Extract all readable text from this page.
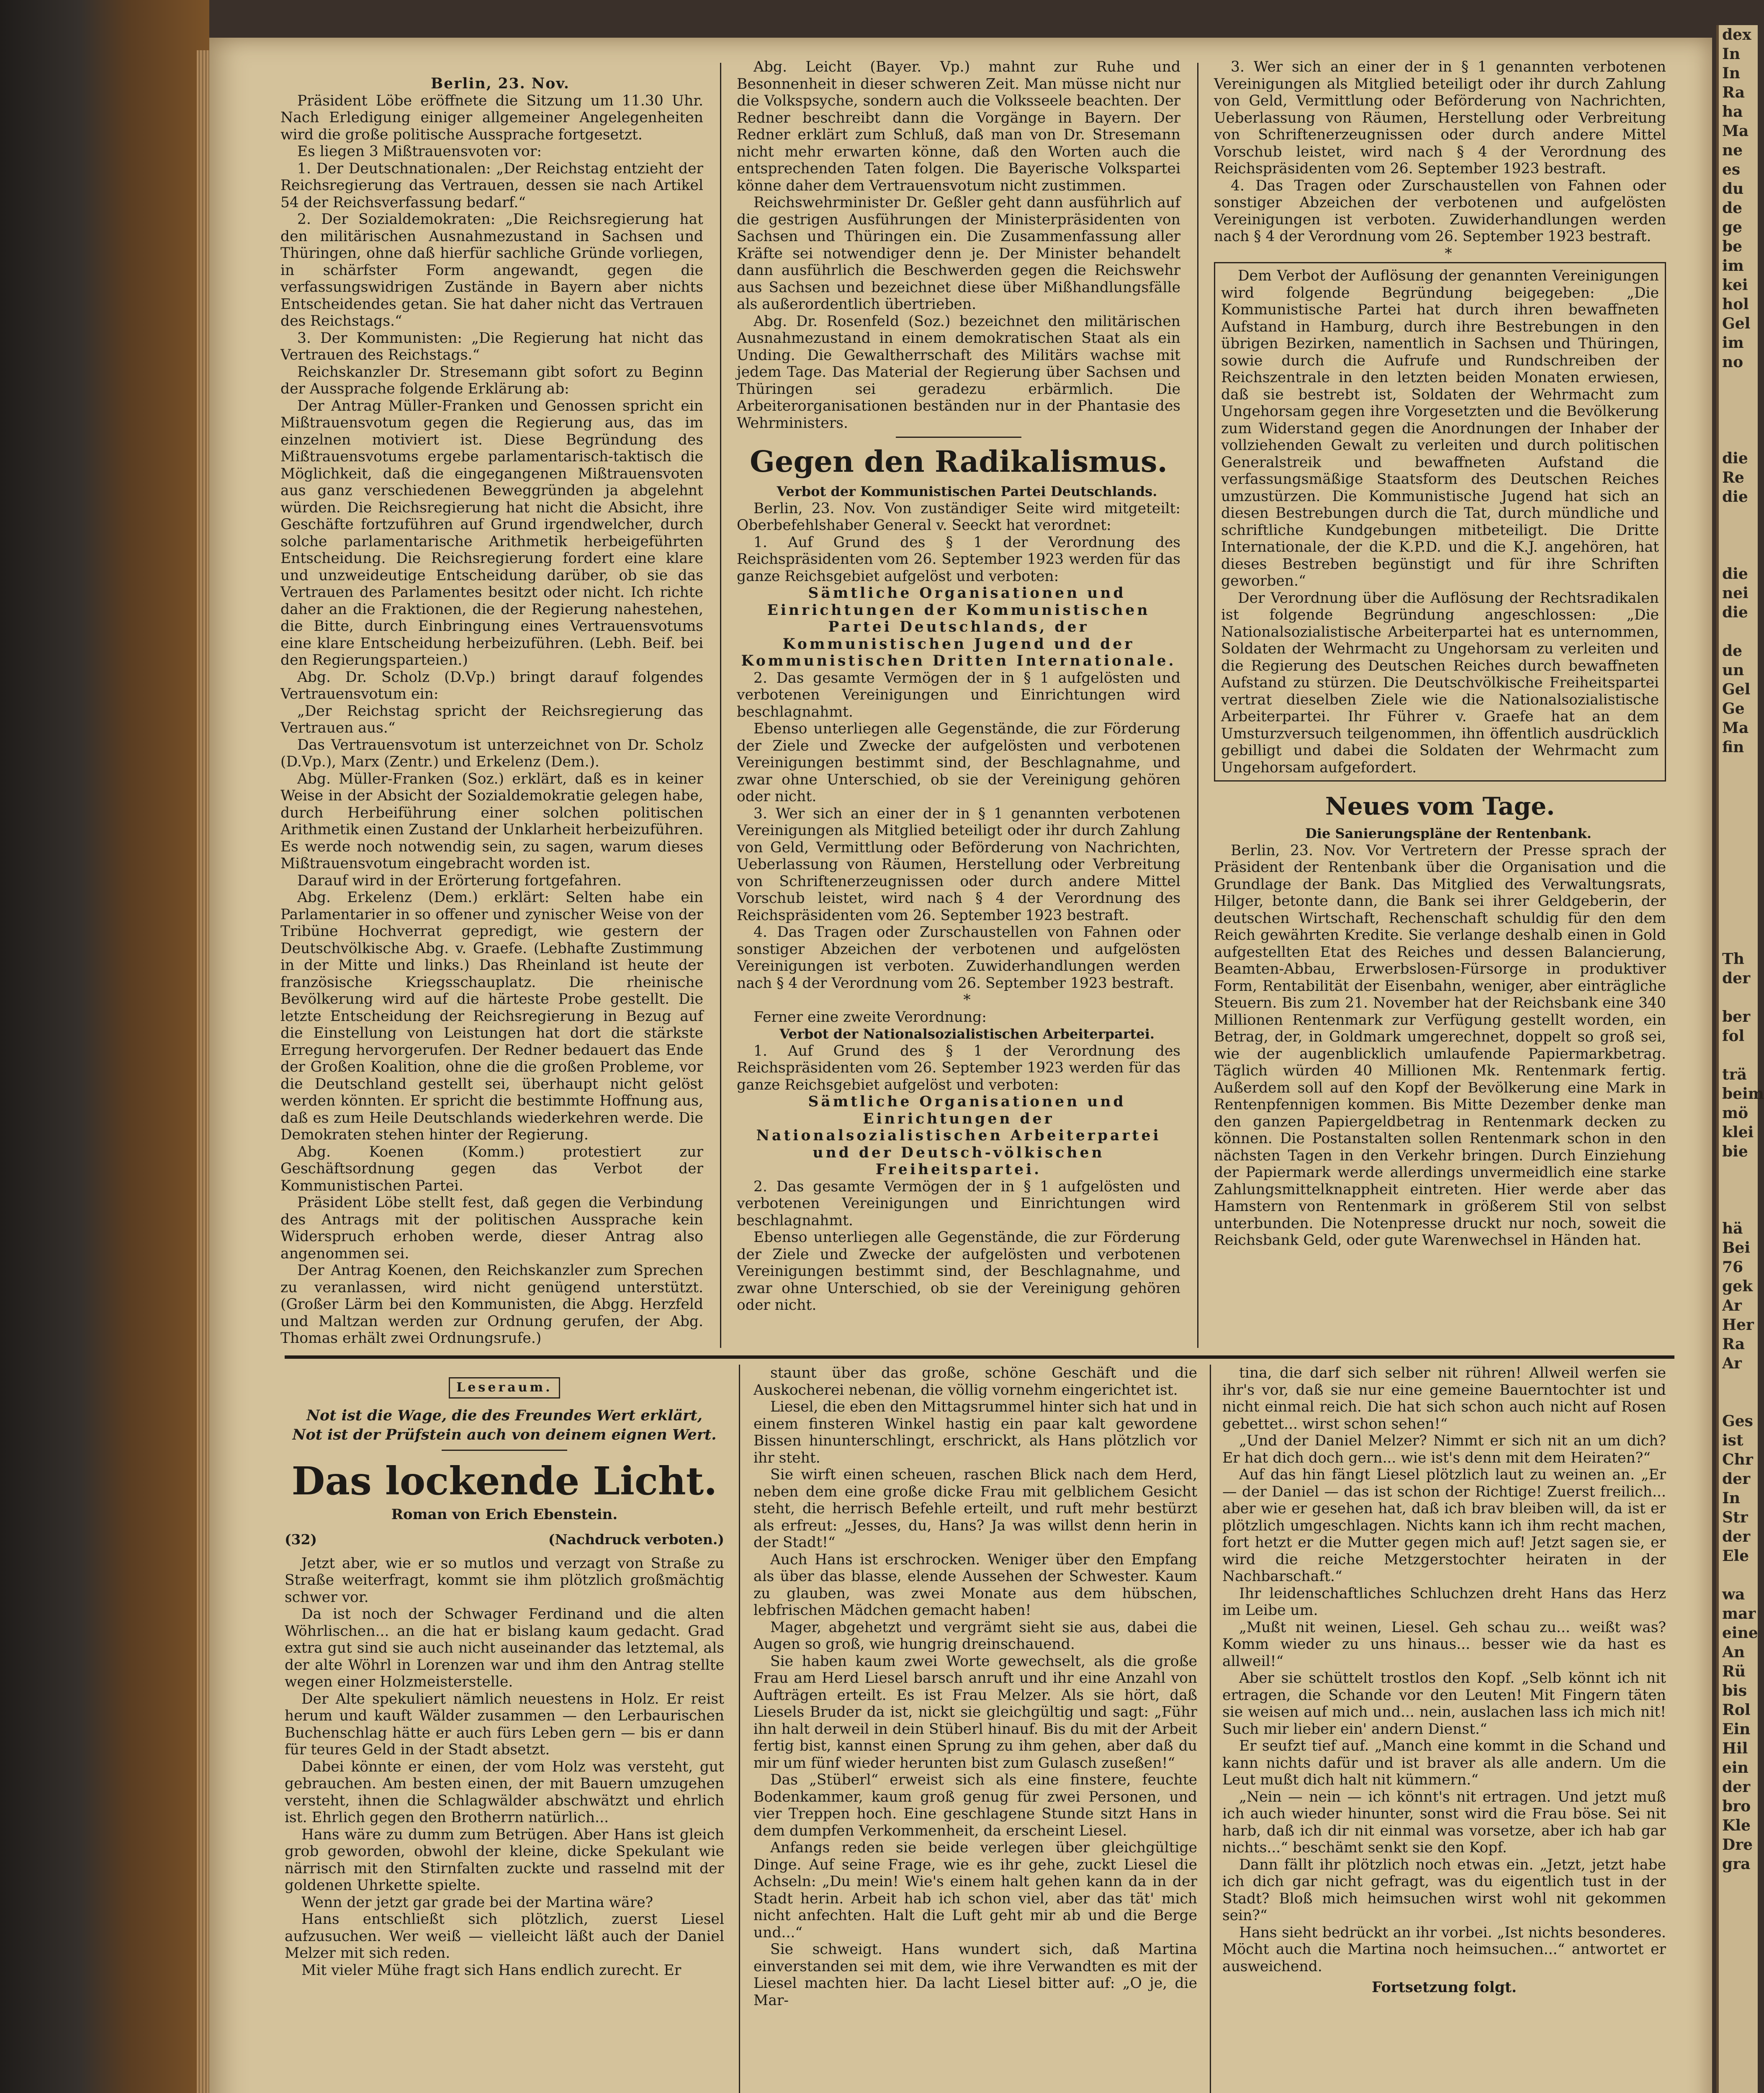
Berlin, 23. Nov.

Präsident Löbe eröffnete die Sitzung um 11.30 Uhr. Nach Erledigung einiger allgemeiner Angelegenheiten wird die große politische Aussprache fortgesetzt.

Es liegen 3 Mißtrauensvoten vor:

1. Der Deutschnationalen: „Der Reichstag entzieht der Reichsregierung das Vertrauen, dessen sie nach Artikel 54 der Reichsverfassung bedarf.“

2. Der Sozialdemokraten: „Die Reichsregierung hat den militärischen Ausnahmezustand in Sachsen und Thüringen, ohne daß hierfür sachliche Gründe vorliegen, in schärfster Form angewandt, gegen die verfassungswidrigen Zustände in Bayern aber nichts Entscheidendes getan. Sie hat daher nicht das Vertrauen des Reichstags.“

3. Der Kommunisten: „Die Regierung hat nicht das Vertrauen des Reichstags.“

Reichskanzler Dr. Stresemann gibt sofort zu Beginn der Aussprache folgende Erklärung ab:

Der Antrag Müller-Franken und Genossen spricht ein Mißtrauensvotum gegen die Regierung aus, das im einzelnen motiviert ist. Diese Begründung des Mißtrauensvotums ergebe parlamentarisch-taktisch die Möglichkeit, daß die eingegangenen Mißtrauensvoten aus ganz verschiedenen Beweggründen ja abgelehnt würden. Die Reichsregierung hat nicht die Absicht, ihre Geschäfte fortzuführen auf Grund irgendwelcher, durch solche parlamentarische Arithmetik herbeigeführten Entscheidung. Die Reichsregierung fordert eine klare und unzweideutige Entscheidung darüber, ob sie das Vertrauen des Parlamentes besitzt oder nicht. Ich richte daher an die Fraktionen, die der Regierung nahestehen, die Bitte, durch Einbringung eines Vertrauensvotums eine klare Entscheidung herbeizuführen. (Lebh. Beif. bei den Regierungsparteien.)

Abg. Dr. Scholz (D.Vp.) bringt darauf folgendes Vertrauensvotum ein:

„Der Reichstag spricht der Reichsregierung das Vertrauen aus.“

Das Vertrauensvotum ist unterzeichnet von Dr. Scholz (D.Vp.), Marx (Zentr.) und Erkelenz (Dem.).

Abg. Müller-Franken (Soz.) erklärt, daß es in keiner Weise in der Absicht der Sozialdemokratie gelegen habe, durch Herbeiführung einer solchen politischen Arithmetik einen Zustand der Unklarheit herbeizuführen. Es werde noch notwendig sein, zu sagen, warum dieses Mißtrauensvotum eingebracht worden ist.

Darauf wird in der Erörterung fortgefahren.

Abg. Erkelenz (Dem.) erklärt: Selten habe ein Parlamentarier in so offener und zynischer Weise von der Tribüne Hochverrat gepredigt, wie gestern der Deutschvölkische Abg. v. Graefe. (Lebhafte Zustimmung in der Mitte und links.) Das Rheinland ist heute der französische Kriegsschauplatz. Die rheinische Bevölkerung wird auf die härteste Probe gestellt. Die letzte Entscheidung der Reichsregierung in Bezug auf die Einstellung von Leistungen hat dort die stärkste Erregung hervorgerufen. Der Redner bedauert das Ende der Großen Koalition, ohne die die großen Probleme, vor die Deutschland gestellt sei, überhaupt nicht gelöst werden könnten. Er spricht die bestimmte Hoffnung aus, daß es zum Heile Deutschlands wiederkehren werde. Die Demokraten stehen hinter der Regierung.

Abg. Koenen (Komm.) protestiert zur Geschäftsordnung gegen das Verbot der Kommunistischen Partei.

Präsident Löbe stellt fest, daß gegen die Verbindung des Antrags mit der politischen Aussprache kein Widerspruch erhoben werde, dieser Antrag also angenommen sei.

Der Antrag Koenen, den Reichskanzler zum Sprechen zu veranlassen, wird nicht genügend unterstützt. (Großer Lärm bei den Kommunisten, die Abgg. Herzfeld und Maltzan werden zur Ordnung gerufen, der Abg. Thomas erhält zwei Ordnungsrufe.)

Abg. Leicht (Bayer. Vp.) mahnt zur Ruhe und Besonnenheit in dieser schweren Zeit. Man müsse nicht nur die Volkspsyche, sondern auch die Volksseele beachten. Der Redner beschreibt dann die Vorgänge in Bayern. Der Redner erklärt zum Schluß, daß man von Dr. Stresemann nicht mehr erwarten könne, daß den Worten auch die entsprechenden Taten folgen. Die Bayerische Volkspartei könne daher dem Vertrauensvotum nicht zustimmen.

Reichswehrminister Dr. Geßler geht dann ausführlich auf die gestrigen Ausführungen der Ministerpräsidenten von Sachsen und Thüringen ein. Die Zusammenfassung aller Kräfte sei notwendiger denn je. Der Minister behandelt dann ausführlich die Beschwerden gegen die Reichswehr aus Sachsen und bezeichnet diese über Mißhandlungsfälle als außerordentlich übertrieben.

Abg. Dr. Rosenfeld (Soz.) bezeichnet den militärischen Ausnahmezustand in einem demokratischen Staat als ein Unding. Die Gewaltherrschaft des Militärs wachse mit jedem Tage. Das Material der Regierung über Sachsen und Thüringen sei geradezu erbärmlich. Die Arbeiterorganisationen beständen nur in der Phantasie des Wehrministers.

Gegen den Radikalismus.

Verbot der Kommunistischen Partei Deutschlands.

Berlin, 23. Nov. Von zuständiger Seite wird mitgeteilt: Oberbefehlshaber General v. Seeckt hat verordnet:

1. Auf Grund des § 1 der Verordnung des Reichspräsidenten vom 26. September 1923 werden für das ganze Reichsgebiet aufgelöst und verboten:

Sämtliche Organisationen und Einrichtungen der Kommunistischen Partei Deutschlands, der Kommunistischen Jugend und der Kommunistischen Dritten Internationale.

2. Das gesamte Vermögen der in § 1 aufgelösten und verbotenen Vereinigungen und Einrichtungen wird beschlagnahmt.

Ebenso unterliegen alle Gegenstände, die zur Förderung der Ziele und Zwecke der aufgelösten und verbotenen Vereinigungen bestimmt sind, der Beschlagnahme, und zwar ohne Unterschied, ob sie der Vereinigung gehören oder nicht.

3. Wer sich an einer der in § 1 genannten verbotenen Vereinigungen als Mitglied beteiligt oder ihr durch Zahlung von Geld, Vermittlung oder Beförderung von Nachrichten, Ueberlassung von Räumen, Herstellung oder Verbreitung von Schriftenerzeugnissen oder durch andere Mittel Vorschub leistet, wird nach § 4 der Verordnung des Reichspräsidenten vom 26. September 1923 bestraft.

4. Das Tragen oder Zurschaustellen von Fahnen oder sonstiger Abzeichen der verbotenen und aufgelösten Vereinigungen ist verboten. Zuwiderhandlungen werden nach § 4 der Verordnung vom 26. September 1923 bestraft.

*

Ferner eine zweite Verordnung:

Verbot der Nationalsozialistischen Arbeiterpartei.

1. Auf Grund des § 1 der Verordnung des Reichspräsidenten vom 26. September 1923 werden für das ganze Reichsgebiet aufgelöst und verboten:

Sämtliche Organisationen und Einrichtungen der Nationalsozialistischen Arbeiterpartei und der Deutsch-völkischen Freiheitspartei.

2. Das gesamte Vermögen der in § 1 aufgelösten und verbotenen Vereinigungen und Einrichtungen wird beschlagnahmt.

Ebenso unterliegen alle Gegenstände, die zur Förderung der Ziele und Zwecke der aufgelösten und verbotenen Vereinigungen bestimmt sind, der Beschlagnahme, und zwar ohne Unterschied, ob sie der Vereinigung gehören oder nicht.

3. Wer sich an einer der in § 1 genannten verbotenen Vereinigungen als Mitglied beteiligt oder ihr durch Zahlung von Geld, Vermittlung oder Beförderung von Nachrichten, Ueberlassung von Räumen, Herstellung oder Verbreitung von Schriftenerzeugnissen oder durch andere Mittel Vorschub leistet, wird nach § 4 der Verordnung des Reichspräsidenten vom 26. September 1923 bestraft.

4. Das Tragen oder Zurschaustellen von Fahnen oder sonstiger Abzeichen der verbotenen und aufgelösten Vereinigungen ist verboten. Zuwiderhandlungen werden nach § 4 der Verordnung vom 26. September 1923 bestraft.

*

Dem Verbot der Auflösung der genannten Vereinigungen wird folgende Begründung beigegeben: „Die Kommunistische Partei hat durch ihren bewaffneten Aufstand in Hamburg, durch ihre Bestrebungen in den übrigen Bezirken, namentlich in Sachsen und Thüringen, sowie durch die Aufrufe und Rundschreiben der Reichszentrale in den letzten beiden Monaten erwiesen, daß sie bestrebt ist, Soldaten der Wehrmacht zum Ungehorsam gegen ihre Vorgesetzten und die Bevölkerung zum Widerstand gegen die Anordnungen der Inhaber der vollziehenden Gewalt zu verleiten und durch politischen Generalstreik und bewaffneten Aufstand die verfassungsmäßige Staatsform des Deutschen Reiches umzustürzen. Die Kommunistische Jugend hat sich an diesen Bestrebungen durch die Tat, durch mündliche und schriftliche Kundgebungen mitbeteiligt. Die Dritte Internationale, der die K.P.D. und die K.J. angehören, hat dieses Bestreben begünstigt und für ihre Schriften geworben.“

Der Verordnung über die Auflösung der Rechtsradikalen ist folgende Begründung angeschlossen: „Die Nationalsozialistische Arbeiterpartei hat es unternommen, Soldaten der Wehrmacht zu Ungehorsam zu verleiten und die Regierung des Deutschen Reiches durch bewaffneten Aufstand zu stürzen. Die Deutschvölkische Freiheitspartei vertrat dieselben Ziele wie die Nationalsozialistische Arbeiterpartei. Ihr Führer v. Graefe hat an dem Umsturzversuch teilgenommen, ihn öffentlich ausdrücklich gebilligt und dabei die Soldaten der Wehrmacht zum Ungehorsam aufgefordert.

Neues vom Tage.

Die Sanierungspläne der Rentenbank.

Berlin, 23. Nov. Vor Vertretern der Presse sprach der Präsident der Rentenbank über die Organisation und die Grundlage der Bank. Das Mitglied des Verwaltungsrats, Hilger, betonte dann, die Bank sei ihrer Geldgeberin, der deutschen Wirtschaft, Rechenschaft schuldig für den dem Reich gewährten Kredite. Sie verlange deshalb einen in Gold aufgestellten Etat des Reiches und dessen Balancierung, Beamten-Abbau, Erwerbslosen-Fürsorge in produktiver Form, Rentabilität der Eisenbahn, weniger, aber einträgliche Steuern. Bis zum 21. November hat der Reichsbank eine 340 Millionen Rentenmark zur Verfügung gestellt worden, ein Betrag, der, in Goldmark umgerechnet, doppelt so groß sei, wie der augenblicklich umlaufende Papiermarkbetrag. Täglich würden 40 Millionen Mk. Rentenmark fertig. Außerdem soll auf den Kopf der Bevölkerung eine Mark in Rentenpfennigen kommen. Bis Mitte Dezember denke man den ganzen Papiergeldbetrag in Rentenmark decken zu können. Die Postanstalten sollen Rentenmark schon in den nächsten Tagen in den Verkehr bringen. Durch Einziehung der Papiermark werde allerdings unvermeidlich eine starke Zahlungsmittelknappheit eintreten. Hier werde aber das Hamstern von Rentenmark in größerem Stil von selbst unterbunden. Die Notenpresse druckt nur noch, soweit die Reichsbank Geld, oder gute Warenwechsel in Händen hat.

Leseraum.
Not ist die Wage, die des Freundes Wert erklärt,
Not ist der Prüfstein auch von deinem eignen Wert.
Das lockende Licht.
Roman von Erich Ebenstein.
(32)	(Nachdruck verboten.)

Jetzt aber, wie er so mutlos und verzagt von Straße zu Straße weiterfragt, kommt sie ihm plötzlich großmächtig schwer vor.

Da ist noch der Schwager Ferdinand und die alten Wöhrlischen... an die hat er bislang kaum gedacht. Grad extra gut sind sie auch nicht auseinander das letztemal, als der alte Wöhrl in Lorenzen war und ihm den Antrag stellte wegen einer Holzmeisterstelle.

Der Alte spekuliert nämlich neuestens in Holz. Er reist herum und kauft Wälder zusammen — den Lerbaurischen Buchenschlag hätte er auch fürs Leben gern — bis er dann für teures Geld in der Stadt absetzt.

Dabei könnte er einen, der vom Holz was versteht, gut gebrauchen. Am besten einen, der mit Bauern umzugehen versteht, ihnen die Schlagwälder abschwätzt und ehrlich ist. Ehrlich gegen den Brotherrn natürlich...

Hans wäre zu dumm zum Betrügen. Aber Hans ist gleich grob geworden, obwohl der kleine, dicke Spekulant wie närrisch mit den Stirnfalten zuckte und rasselnd mit der goldenen Uhrkette spielte.

Wenn der jetzt gar grade bei der Martina wäre?

Hans entschließt sich plötzlich, zuerst Liesel aufzusuchen. Wer weiß — vielleicht läßt auch der Daniel Melzer mit sich reden.

Mit vieler Mühe fragt sich Hans endlich zurecht. Er

staunt über das große, schöne Geschäft und die Auskocherei nebenan, die völlig vornehm eingerichtet ist.

Liesel, die eben den Mittagsrummel hinter sich hat und in einem finsteren Winkel hastig ein paar kalt gewordene Bissen hinunterschlingt, erschrickt, als Hans plötzlich vor ihr steht.

Sie wirft einen scheuen, raschen Blick nach dem Herd, neben dem eine große dicke Frau mit gelblichem Gesicht steht, die herrisch Befehle erteilt, und ruft mehr bestürzt als erfreut: „Jesses, du, Hans? Ja was willst denn herin in der Stadt!“

Auch Hans ist erschrocken. Weniger über den Empfang als über das blasse, elende Aussehen der Schwester. Kaum zu glauben, was zwei Monate aus dem hübschen, lebfrischen Mädchen gemacht haben!

Mager, abgehetzt und vergrämt sieht sie aus, dabei die Augen so groß, wie hungrig dreinschauend.

Sie haben kaum zwei Worte gewechselt, als die große Frau am Herd Liesel barsch anruft und ihr eine Anzahl von Aufträgen erteilt. Es ist Frau Melzer. Als sie hört, daß Liesels Bruder da ist, nickt sie gleichgültig und sagt: „Führ ihn halt derweil in dein Stüberl hinauf. Bis du mit der Arbeit fertig bist, kannst einen Sprung zu ihm gehen, aber daß du mir um fünf wieder herunten bist zum Gulasch zuseßen!“

Das „Stüberl“ erweist sich als eine finstere, feuchte Bodenkammer, kaum groß genug für zwei Personen, und vier Treppen hoch. Eine geschlagene Stunde sitzt Hans in dem dumpfen Verkommenheit, da erscheint Liesel.

Anfangs reden sie beide verlegen über gleichgültige Dinge. Auf seine Frage, wie es ihr gehe, zuckt Liesel die Achseln: „Du mein! Wie's einem halt gehen kann da in der Stadt herin. Arbeit hab ich schon viel, aber das tät' mich nicht anfechten. Halt die Luft geht mir ab und die Berge und...“

Sie schweigt. Hans wundert sich, daß Martina einverstanden sei mit dem, wie ihre Verwandten es mit der Liesel machten hier. Da lacht Liesel bitter auf: „O je, die Mar-

tina, die darf sich selber nit rühren! Allweil werfen sie ihr's vor, daß sie nur eine gemeine Bauerntochter ist und nicht einmal reich. Die hat sich schon auch nicht auf Rosen gebettet... wirst schon sehen!“

„Und der Daniel Melzer? Nimmt er sich nit an um dich? Er hat dich doch gern... wie ist's denn mit dem Heiraten?“

Auf das hin fängt Liesel plötzlich laut zu weinen an. „Er — der Daniel — das ist schon der Richtige! Zuerst freilich... aber wie er gesehen hat, daß ich brav bleiben will, da ist er plötzlich umgeschlagen. Nichts kann ich ihm recht machen, fort hetzt er die Mutter gegen mich auf! Jetzt sagen sie, er wird die reiche Metzgerstochter heiraten in der Nachbarschaft.“

Ihr leidenschaftliches Schluchzen dreht Hans das Herz im Leibe um.

„Mußt nit weinen, Liesel. Geh schau zu... weißt was? Komm wieder zu uns hinaus... besser wie da hast es allweil!“

Aber sie schüttelt trostlos den Kopf. „Selb könnt ich nit ertragen, die Schande vor den Leuten! Mit Fingern täten sie weisen auf mich und... nein, auslachen lass ich mich nit! Such mir lieber ein' andern Dienst.“

Er seufzt tief auf. „Manch eine kommt in die Schand und kann nichts dafür und ist braver als alle andern. Um die Leut mußt dich halt nit kümmern.“

„Nein — nein — ich könnt's nit ertragen. Und jetzt muß ich auch wieder hinunter, sonst wird die Frau böse. Sei nit harb, daß ich dir nit einmal was vorsetze, aber ich hab gar nichts...“ beschämt senkt sie den Kopf.

Dann fällt ihr plötzlich noch etwas ein. „Jetzt, jetzt habe ich dich gar nicht gefragt, was du eigentlich tust in der Stadt? Bloß mich heimsuchen wirst wohl nit gekommen sein?“

Hans sieht bedrückt an ihr vorbei. „Ist nichts besonderes. Möcht auch die Martina noch heimsuchen...“ antwortet er ausweichend.

Fortsetzung folgt.

dex
In
In
Ra
ha
Ma
ne
es
du
de
ge
be
im
kei
hol
Gel
im
no
die
Re
die
die
nei
die
de
un
Gel
Ge
Ma
fin
Th
der
ber
fol
trä
beim
mö
klei
bie
hä
Bei
76
gek
Ar
Her
Ra
Ar
Ges
ist
Chr
der
In
Str
der
Ele
wa
mar
eine
An
Rü
bis
Rol
Ein
Hil
ein
der
bro
Kle
Dre
gra
